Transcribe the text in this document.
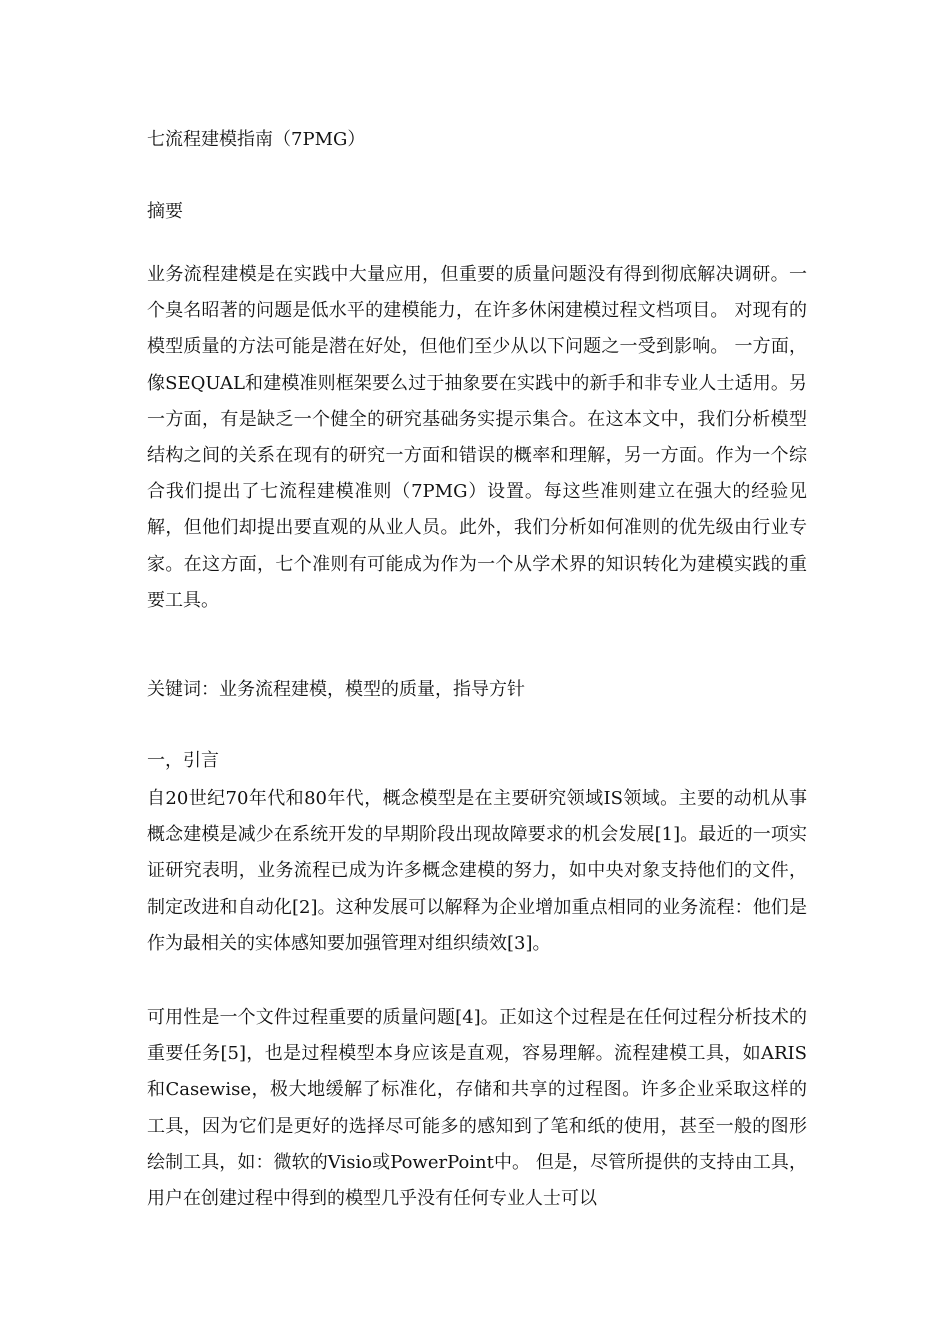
七流程建模指南（7PMG）
摘要

业务流程建模是在实践中大量应用，但重要的质量问题没有得到彻底解决调研。一个臭名昭著的问题是低水平的建模能力，在许多休闲建模过程文档项目。 对现有的模型质量的方法可能是潜在好处，但他们至少从以下问题之一受到影响。 一方面，像SEQUAL和建模准则框架要么过于抽象要在实践中的新手和非专业人士适用。另一方面，有是缺乏一个健全的研究基础务实提示集合。在这本文中，我们分析模型结构之间的关系在现有的研究一方面和错误的概率和理解，另一方面。作为一个综合我们提出了七流程建模准则（7PMG）设置。每这些准则建立在强大的经验见解，但他们却提出要直观的从业人员。此外，我们分析如何准则的优先级由行业专家。在这方面，七个准则有可能成为作为一个从学术界的知识转化为建模实践的重要工具。

关键词：业务流程建模，模型的质量，指导方针

一，引言

自20世纪70年代和80年代，概念模型是在主要研究领域IS领域。主要的动机从事概念建模是减少在系统开发的早期阶段出现故障要求的机会发展[1]。最近的一项实证研究表明，业务流程已成为许多概念建模的努力，如中央对象支持他们的文件，制定改进和自动化[2]。这种发展可以解释为企业增加重点相同的业务流程：他们是作为最相关的实体感知要加强管理对组织绩效[3]。

可用性是一个文件过程重要的质量问题[4]。正如这个过程是在任何过程分析技术的重要任务[5]，也是过程模型本身应该是直观，容易理解。流程建模工具，如ARIS和Casewise，极大地缓解了标准化，存储和共享的过程图。许多企业采取这样的工具，因为它们是更好的选择尽可能多的感知到了笔和纸的使用，甚至一般的图形绘制工具，如：微软的Visio或PowerPoint中。 但是，尽管所提供的支持由工具，用户在创建过程中得到的模型几乎没有任何专业人士可以
